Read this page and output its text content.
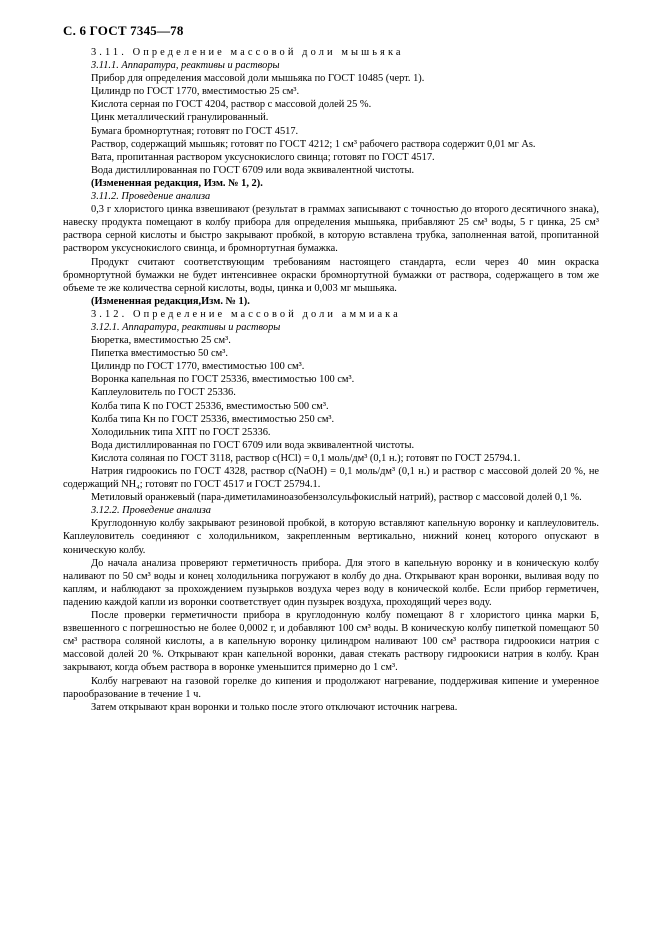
С. 6 ГОСТ 7345—78
3.11. Определение массовой доли мышьяка
3.11.1. Аппаратура, реактивы и растворы
Прибор для определения массовой доли мышьяка по ГОСТ 10485 (черт. 1).
Цилиндр по ГОСТ 1770, вместимостью 25 см³.
Кислота серная по ГОСТ 4204, раствор с массовой долей 25 %.
Цинк металлический гранулированный.
Бумага бромнортутная; готовят по ГОСТ 4517.
Раствор, содержащий мышьяк; готовят по ГОСТ 4212; 1 см³ рабочего раствора содержит 0,01 мг As.
Вата, пропитанная раствором уксуснокислого свинца; готовят по ГОСТ 4517.
Вода дистиллированная по ГОСТ 6709 или вода эквивалентной чистоты.
(Измененная редакция, Изм. № 1, 2).
3.11.2. Проведение анализа
0,3 г хлористого цинка взвешивают (результат в граммах записывают с точностью до второго десятичного знака), навеску продукта помещают в колбу прибора для определения мышьяка, прибавляют 25 см³ воды, 5 г цинка, 25 см³ раствора серной кислоты и быстро закрывают пробкой, в которую вставлена трубка, заполненная ватой, пропитанной раствором уксуснокислого свинца, и бромнортутная бумажка.
Продукт считают соответствующим требованиям настоящего стандарта, если через 40 мин окраска бромнортутной бумажки не будет интенсивнее окраски бромнортутной бумажки от раствора, содержащего в том же объеме те же количества серной кислоты, воды, цинка и 0,003 мг мышьяка.
(Измененная редакция,Изм. № 1).
3.12. Определение массовой доли аммиака
3.12.1. Аппаратура, реактивы и растворы
Бюретка, вместимостью 25 см³.
Пипетка вместимостью 50 см³.
Цилиндр по ГОСТ 1770, вместимостью 100 см³.
Воронка капельная по ГОСТ 25336, вместимостью 100 см³.
Каплеуловитель по ГОСТ 25336.
Колба типа К по ГОСТ 25336, вместимостью 500 см³.
Колба типа Кн по ГОСТ 25336, вместимостью 250 см³.
Холодильник типа ХПТ по ГОСТ 25336.
Вода дистиллированная по ГОСТ 6709 или вода эквивалентной чистоты.
Кислота соляная по ГОСТ 3118, раствор c(HCl) = 0,1 моль/дм³ (0,1 н.); готовят по ГОСТ 25794.1.
Натрия гидроокись по ГОСТ 4328, раствор c(NaOH) = 0,1 моль/дм³ (0,1 н.) и раствор с массовой долей 20 %, не содержащий NH₄; готовят по ГОСТ 4517 и ГОСТ 25794.1.
Метиловый оранжевый (пара-диметиламиноазобензолсульфокислый натрий), раствор с массовой долей 0,1 %.
3.12.2. Проведение анализа
Круглодонную колбу закрывают резиновой пробкой, в которую вставляют капельную воронку и каплеуловитель. Каплеуловитель соединяют с холодильником, закрепленным вертикально, нижний конец которого опускают в коническую колбу.
До начала анализа проверяют герметичность прибора. Для этого в капельную воронку и в коническую колбу наливают по 50 см³ воды и конец холодильника погружают в колбу до дна. Открывают кран воронки, выливая воду по каплям, и наблюдают за прохождением пузырьков воздуха через воду в конической колбе. Если прибор герметичен, падению каждой капли из воронки соответствует один пузырек воздуха, проходящий через воду.
После проверки герметичности прибора в круглодонную колбу помещают 8 г хлористого цинка марки Б, взвешенного с погрешностью не более 0,0002 г, и добавляют 100 см³ воды. В коническую колбу пипеткой помещают 50 см³ раствора соляной кислоты, а в капельную воронку цилиндром наливают 100 см³ раствора гидроокиси натрия с массовой долей 20 %. Открывают кран капельной воронки, давая стекать раствору гидроокиси натрия в колбу. Кран закрывают, когда объем раствора в воронке уменьшится примерно до 1 см³.
Колбу нагревают на газовой горелке до кипения и продолжают нагревание, поддерживая кипение и умеренное парообразование в течение 1 ч.
Затем открывают кран воронки и только после этого отключают источник нагрева.
